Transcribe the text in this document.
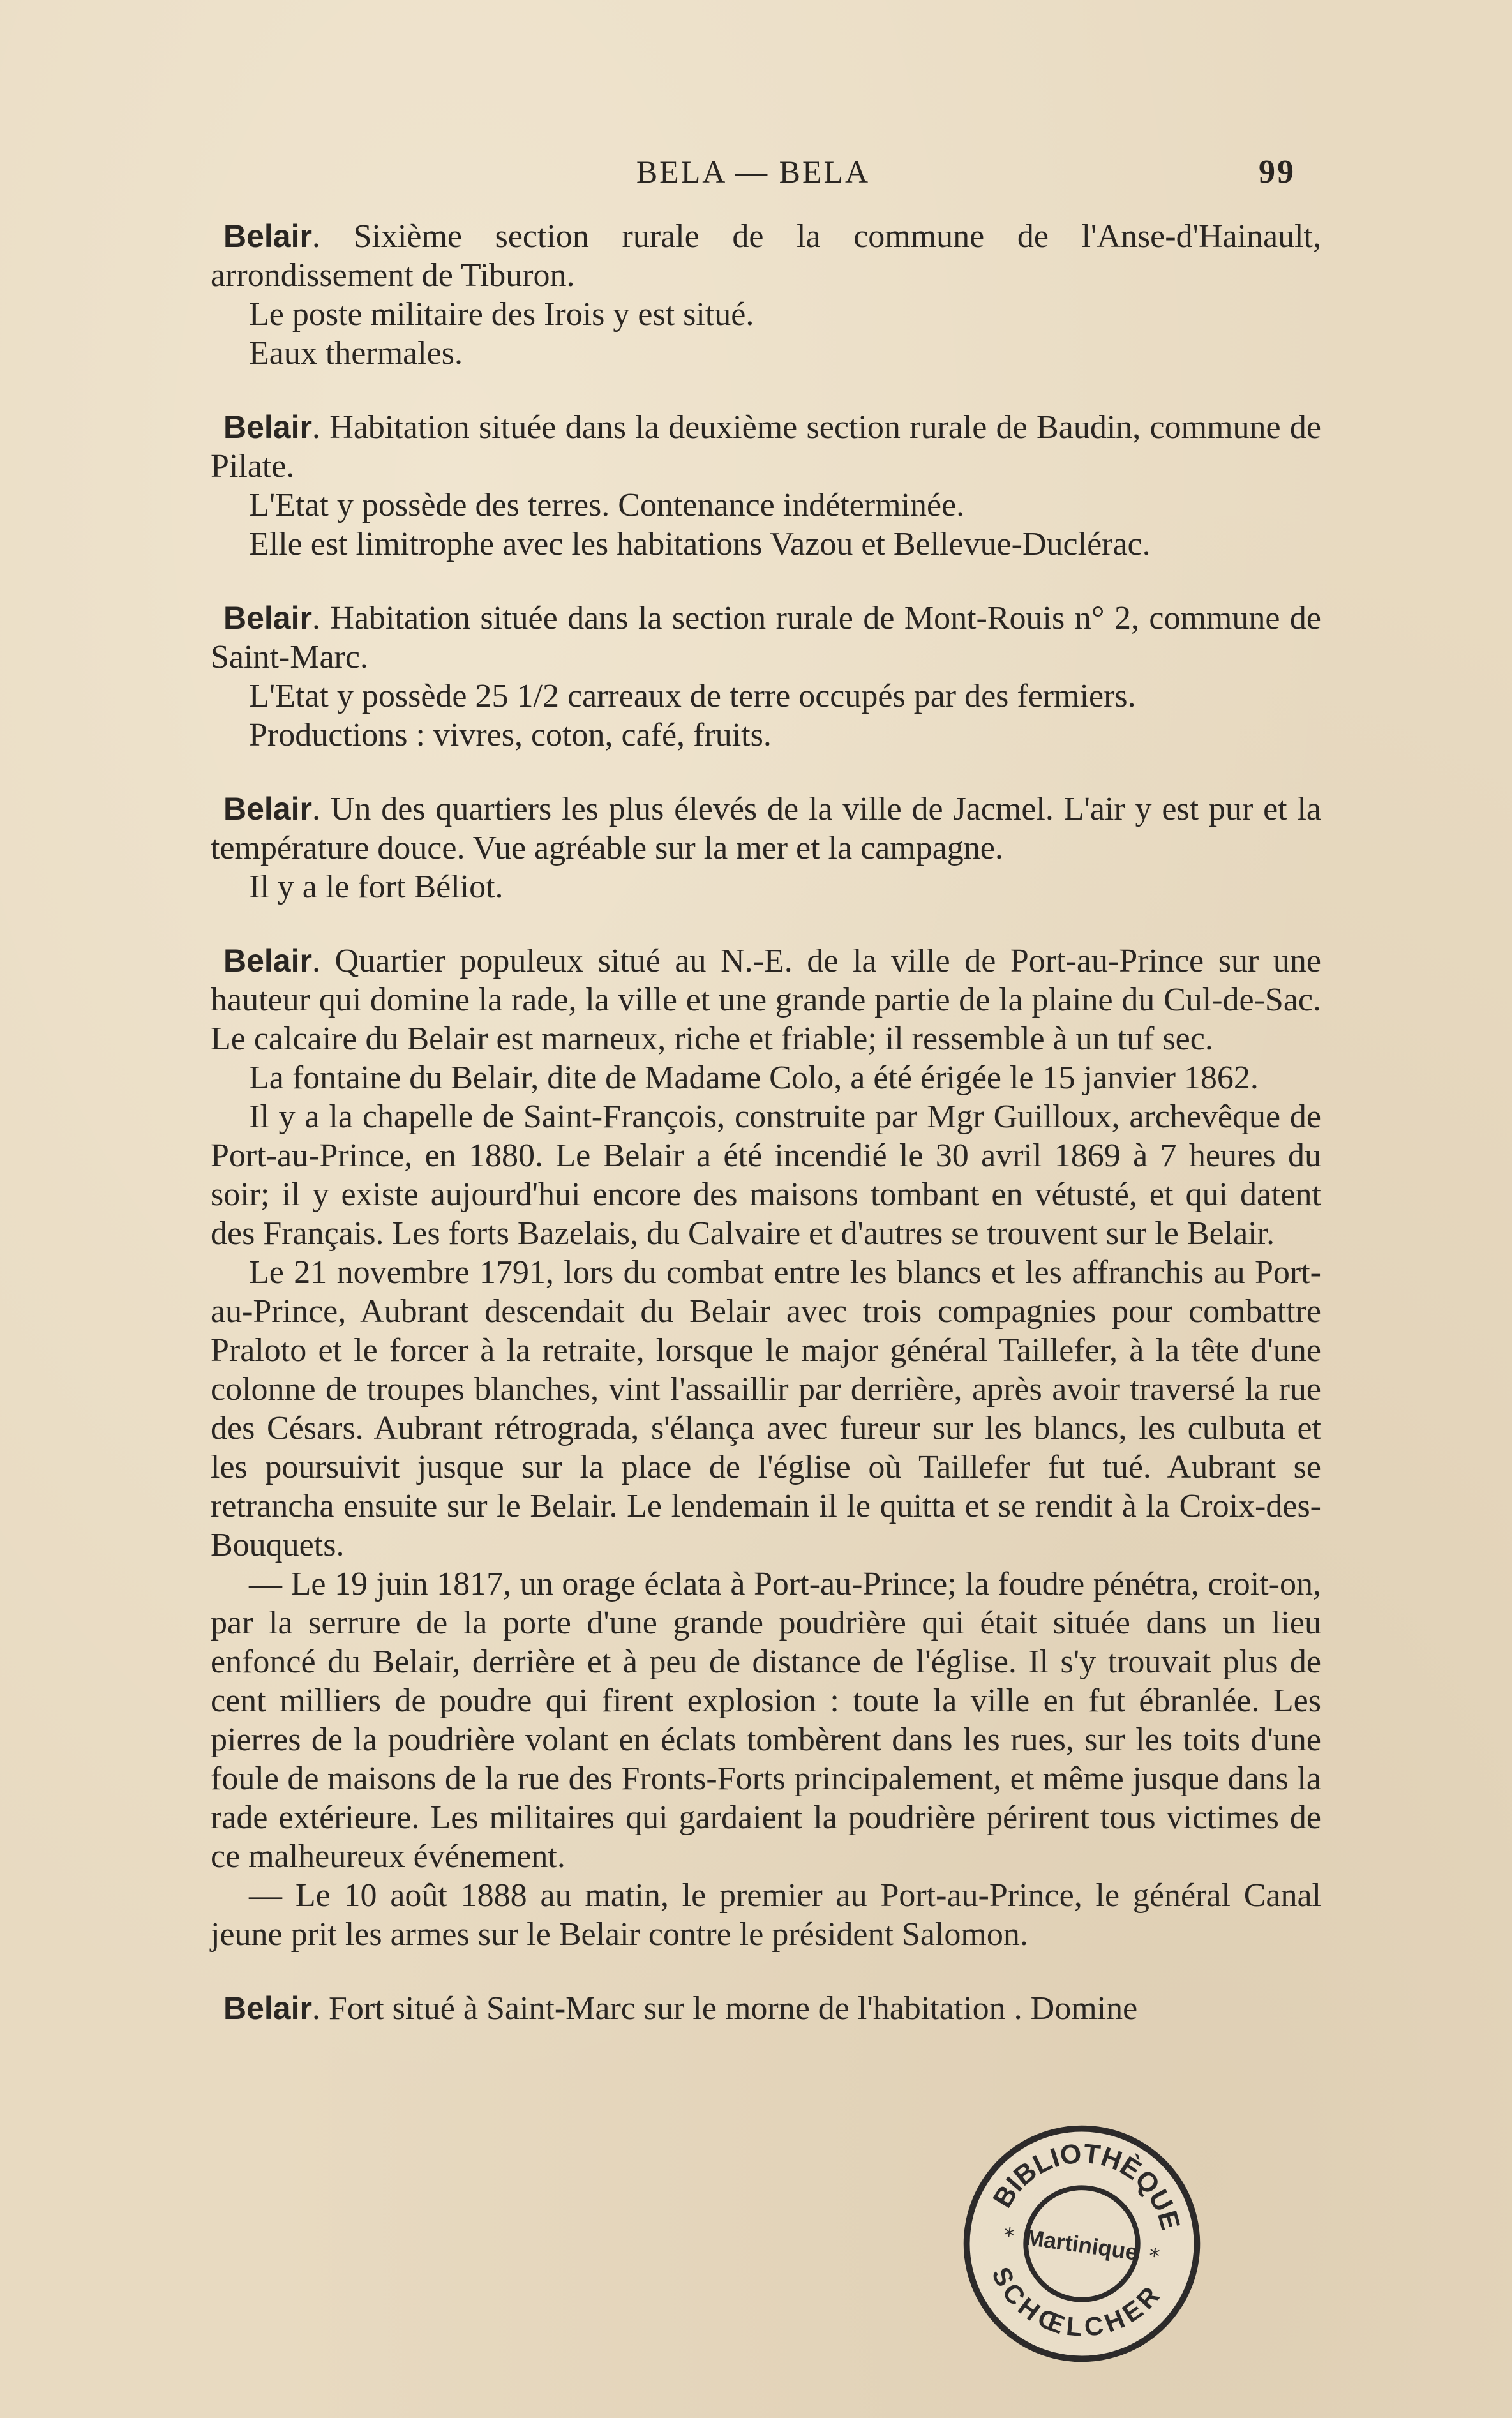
BELA — BELA	99

Belair. Sixième section rurale de la commune de l'Anse-d'Hainault, arrondissement de Tiburon.

Le poste militaire des Irois y est situé.

Eaux thermales.

Belair. Habitation située dans la deuxième section rurale de Baudin, commune de Pilate.

L'Etat y possède des terres. Contenance indéterminée.

Elle est limitrophe avec les habitations Vazou et Bellevue-Duclérac.

Belair. Habitation située dans la section rurale de Mont-Rouis n° 2, commune de Saint-Marc.

L'Etat y possède 25 1/2 carreaux de terre occupés par des fermiers.

Productions : vivres, coton, café, fruits.

Belair. Un des quartiers les plus élevés de la ville de Jacmel. L'air y est pur et la température douce. Vue agréable sur la mer et la campagne.

Il y a le fort Béliot.

Belair. Quartier populeux situé au N.-E. de la ville de Port-au-Prince sur une hauteur qui domine la rade, la ville et une grande partie de la plaine du Cul-de-Sac. Le calcaire du Belair est marneux, riche et friable; il ressemble à un tuf sec.

La fontaine du Belair, dite de Madame Colo, a été érigée le 15 janvier 1862.

Il y a la chapelle de Saint-François, construite par Mgr Guilloux, archevêque de Port-au-Prince, en 1880. Le Belair a été incendié le 30 avril 1869 à 7 heures du soir; il y existe aujourd'hui encore des maisons tombant en vétusté, et qui datent des Français. Les forts Bazelais, du Calvaire et d'autres se trouvent sur le Belair.

Le 21 novembre 1791, lors du combat entre les blancs et les affranchis au Port-au-Prince, Aubrant descendait du Belair avec trois compagnies pour combattre Praloto et le forcer à la retraite, lorsque le major général Taillefer, à la tête d'une colonne de troupes blanches, vint l'assaillir par derrière, après avoir traversé la rue des Césars. Aubrant rétrograda, s'élança avec fureur sur les blancs, les culbuta et les poursuivit jusque sur la place de l'église où Taillefer fut tué. Aubrant se retrancha ensuite sur le Belair. Le lendemain il le quitta et se rendit à la Croix-des-Bouquets.

— Le 19 juin 1817, un orage éclata à Port-au-Prince; la foudre pénétra, croit-on, par la serrure de la porte d'une grande poudrière qui était située dans un lieu enfoncé du Belair, derrière et à peu de distance de l'église. Il s'y trouvait plus de cent milliers de poudre qui firent explosion : toute la ville en fut ébranlée. Les pierres de la poudrière volant en éclats tombèrent dans les rues, sur les toits d'une foule de maisons de la rue des Fronts-Forts principalement, et même jusque dans la rade extérieure. Les militaires qui gardaient la poudrière périrent tous victimes de ce malheureux événement.

— Le 10 août 1888 au matin, le premier au Port-au-Prince, le général Canal jeune prit les armes sur le Belair contre le président Salomon.

Belair. Fort situé à Saint-Marc sur le morne de l'habitation . Domine

BIBLIOTHÈQUE
Martinique
*
*
SCHŒLCHER
